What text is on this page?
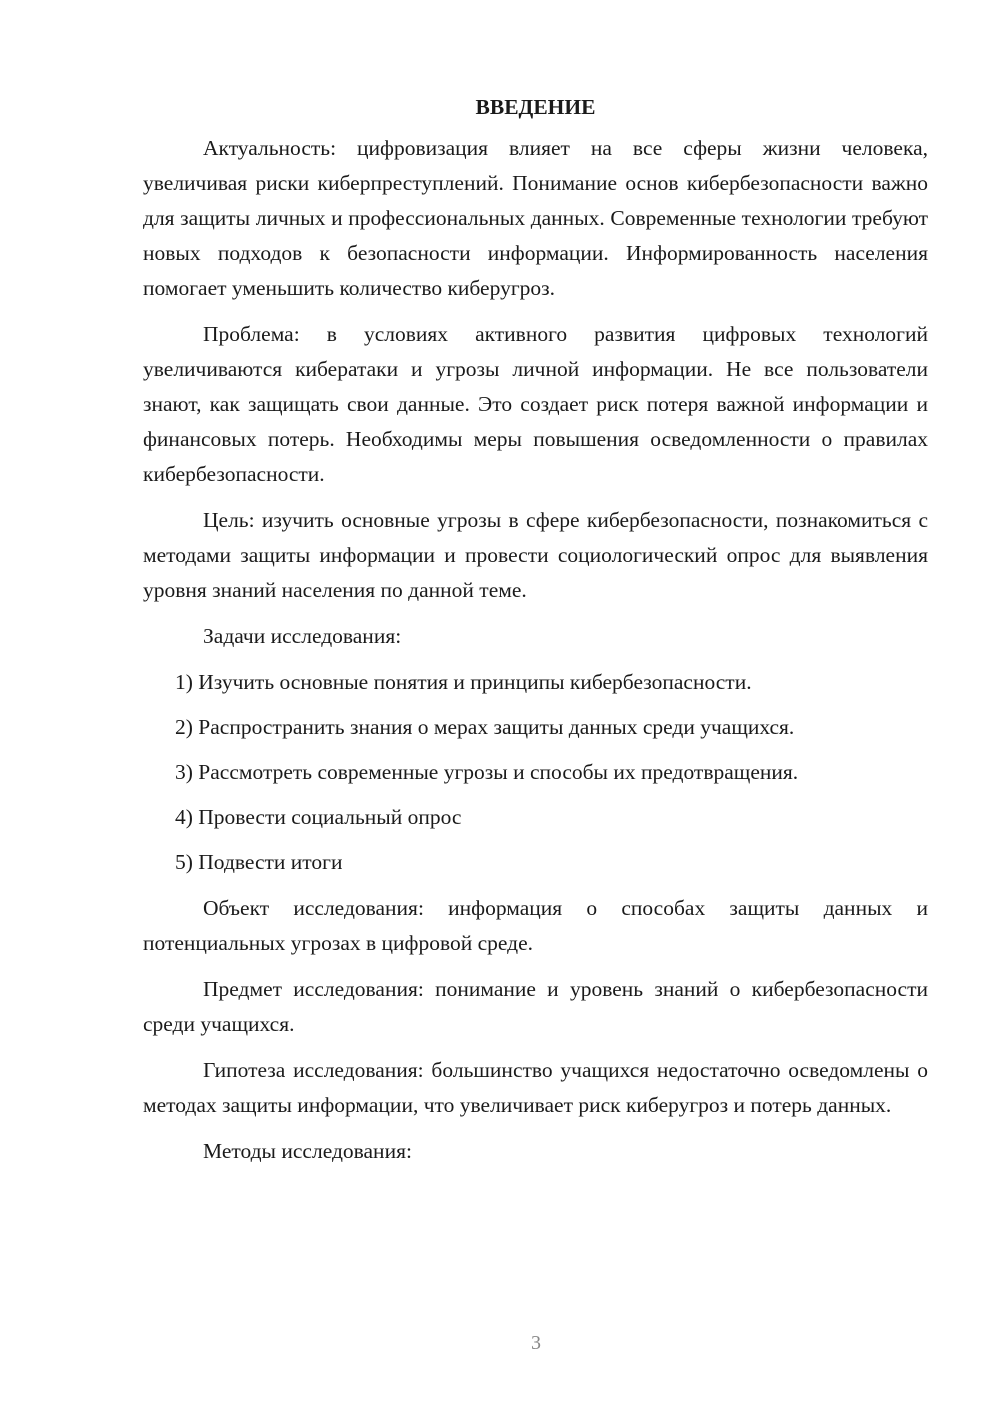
ВВЕДЕНИЕ

Актуальность: цифровизация влияет на все сферы жизни человека, увеличивая риски киберпреступлений. Понимание основ кибербезопасности важно для защиты личных и профессиональных данных. Современные технологии требуют новых подходов к безопасности информации. Информированность населения помогает уменьшить количество киберугроз.

Проблема: в условиях активного развития цифровых технологий увеличиваются кибератаки и угрозы личной информации. Не все пользователи знают, как защищать свои данные. Это создает риск потеря важной информации и финансовых потерь. Необходимы меры повышения осведомленности о правилах кибербезопасности.

Цель: изучить основные угрозы в сфере кибербезопасности, познакомиться с методами защиты информации и провести социологический опрос для выявления уровня знаний населения по данной теме.

Задачи исследования:

1) Изучить основные понятия и принципы кибербезопасности.
2) Распространить знания о мерах защиты данных среди учащихся.
3) Рассмотреть современные угрозы и способы их предотвращения.
4) Провести социальный опрос
5) Подвести итоги

Объект исследования: информация о способах защиты данных и потенциальных угрозах в цифровой среде.

Предмет исследования: понимание и уровень знаний о кибербезопасности среди учащихся.

Гипотеза исследования: большинство учащихся недостаточно осведомлены о методах защиты информации, что увеличивает риск киберугроз и потерь данных.

Методы исследования:

3
